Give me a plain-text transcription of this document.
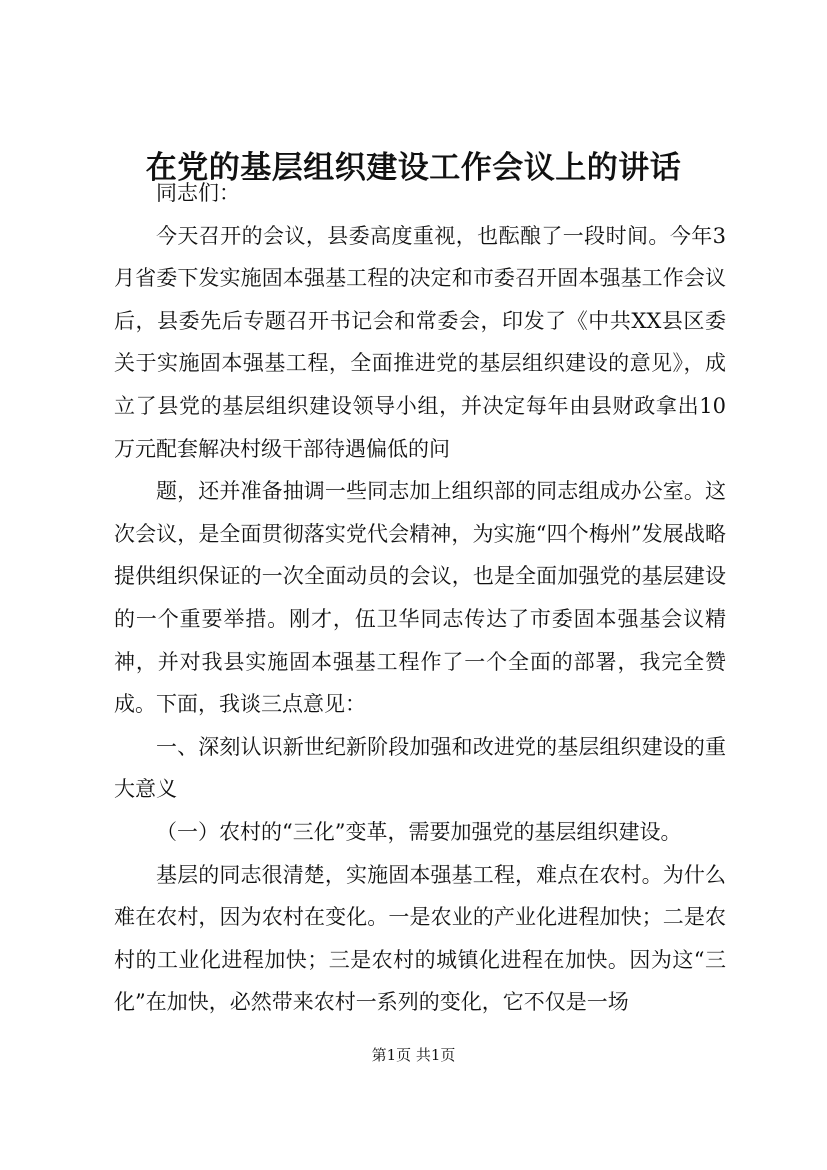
在党的基层组织建设工作会议上的讲话

同志们：

今天召开的会议，县委高度重视，也酝酿了一段时间。今年3月省委下发实施固本强基工程的决定和市委召开固本强基工作会议后，县委先后专题召开书记会和常委会，印发了《中共XX县区委关于实施固本强基工程，全面推进党的基层组织建设的意见》，成立了县党的基层组织建设领导小组，并决定每年由县财政拿出10万元配套解决村级干部待遇偏低的问

题，还并准备抽调一些同志加上组织部的同志组成办公室。这次会议，是全面贯彻落实党代会精神，为实施“四个梅州”发展战略提供组织保证的一次全面动员的会议，也是全面加强党的基层建设的一个重要举措。刚才，伍卫华同志传达了市委固本强基会议精神，并对我县实施固本强基工程作了一个全面的部署，我完全赞成。下面，我谈三点意见：

一、深刻认识新世纪新阶段加强和改进党的基层组织建设的重大意义

（一）农村的“三化”变革，需要加强党的基层组织建设。

基层的同志很清楚，实施固本强基工程，难点在农村。为什么难在农村，因为农村在变化。一是农业的产业化进程加快；二是农村的工业化进程加快；三是农村的城镇化进程在加快。因为这“三化”在加快，必然带来农村一系列的变化，它不仅是一场

第1页 共1页
